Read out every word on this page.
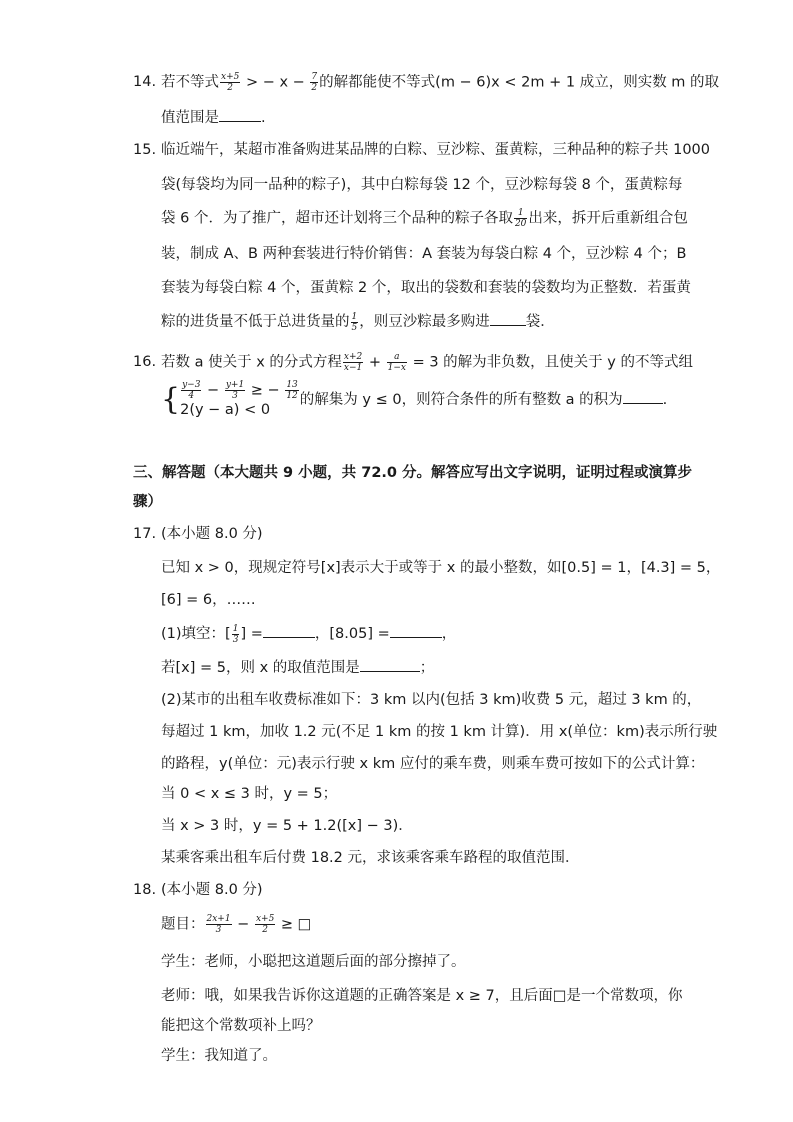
14. 若不等式 $\frac{x+5}{2}$ > − $x - \frac{7}{2}$ 的解都能使不等式(m − 6)x < 2m + 1 成立，则实数 m 的取
值范围是	.
15. 临近端午，某超市准备购进某品牌的白粽、豆沙粽、蛋黄粽，三种品种的粽子共 1000
袋(每袋均为同一品种的粽子)，其中白粽每袋 12 个，豆沙粽每袋 8 个，蛋黄粽每
袋 6 个．为了推广，超市还计划将三个品种的粽子各取 $\frac{1}{20}$ 出来，拆开后重新组合包
装，制成 A、B 两种套装进行特价销售：A 套装为每袋白粽 4 个，豆沙粽 4 个；B
套装为每袋白粽 4 个，蛋黄粽 2 个，取出的袋数和套装的袋数均为正整数．若蛋黄
粽的进货量不低于总进货量的 $\frac{1}{5}$ ，则豆沙粽最多购进 袋．
16. 若数 a 使关于 x 的分式方程 $\frac{x+2}{x-1} + \frac{a}{1-x} = 3$ 的解为非负数，且使关于 y 的不等式组
{ $\frac{y-3}{4} - \frac{y+1}{3}$ ≥ − $\frac{13}{12}$
2(y − a) < 0
的解集为 y ≤ 0，则符合条件的所有整数 a 的积为	.
三、解答题（本大题共 9 小题，共 72.0 分。解答应写出文字说明，证明过程或演算步
骤）
17. (本小题 8.0 分)
已知 x > 0，现规定符号[x]表示大于或等于 x 的最小整数，如[0.5] = 1，[4.3] = 5，
[6] = 6，……
(1)填空：[ $\frac{1}{3}$ ] =	，[8.05] =	，
若[x] = 5，则 x 的取值范围是	；
(2)某市的出租车收费标准如下：3 km 以内(包括 3 km)收费 5 元，超过 3 km 的，
每超过 1 km，加收 1.2 元(不足 1 km 的按 1 km 计算)．用 x(单位：km)表示所行驶
的路程，y(单位：元)表示行驶 x km 应付的乘车费，则乘车费可按如下的公式计算：
当 0 < x ≤ 3 时，y = 5；
当 x > 3 时，y = 5 + 1.2([x] − 3)．
某乘客乘出租车后付费 18.2 元，求该乘客乘车路程的取值范围．
18. (本小题 8.0 分)
题目： $\frac{2x+1}{3} - \frac{x+5}{2}$ ≥ □
学生：老师，小聪把这道题后面的部分擦掉了。
老师：哦，如果我告诉你这道题的正确答案是 x ≥ 7，且后面□是一个常数项，你
能把这个常数项补上吗？
学生：我知道了。
